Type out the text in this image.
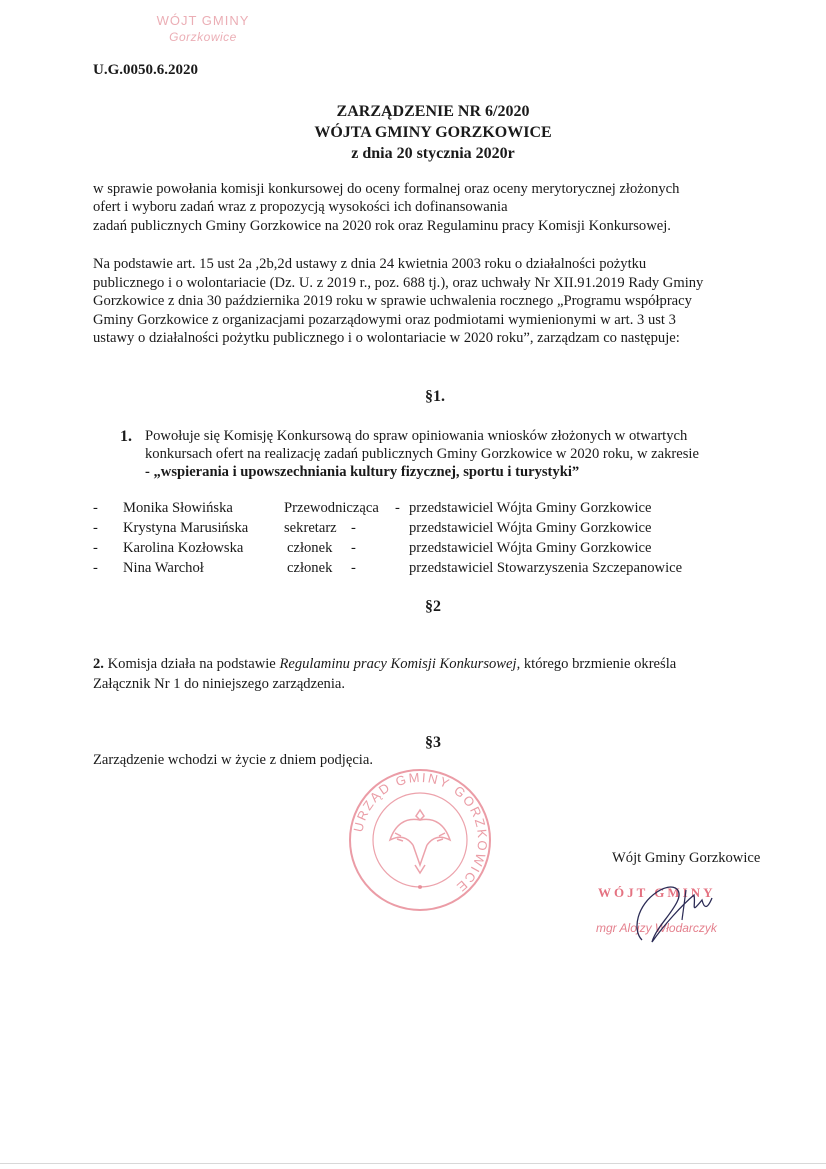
WÓJT GMINY
Gorzkowice
U.G.0050.6.2020
ZARZĄDZENIE NR 6/2020
WÓJTA GMINY GORZKOWICE
z dnia 20 stycznia 2020r
w sprawie powołania komisji konkursowej do oceny formalnej oraz oceny merytorycznej złożonych
ofert i wyboru zadań wraz z propozycją wysokości ich dofinansowania
zadań publicznych Gminy Gorzkowice na 2020 rok oraz Regulaminu pracy Komisji Konkursowej.
Na podstawie art. 15 ust 2a ,2b,2d ustawy z dnia 24 kwietnia 2003 roku o działalności pożytku
publicznego i o wolontariacie (Dz. U. z 2019 r., poz. 688 tj.), oraz uchwały Nr XII.91.2019 Rady Gminy
Gorzkowice z dnia 30 października 2019 roku w sprawie uchwalenia rocznego „Programu współpracy
Gminy Gorzkowice z organizacjami pozarządowymi oraz podmiotami wymienionymi w art. 3 ust 3
ustawy o działalności pożytku publicznego i o wolontariacie w 2020 roku”, zarządzam co następuje:
§1.
1. Powołuje się Komisję Konkursową do spraw opiniowania wniosków złożonych w otwartych
konkursach ofert na realizację zadań publicznych Gminy Gorzkowice w 2020 roku, w zakresie
- „wspierania i upowszechniania kultury fizycznej, sportu i turystyki”
- Monika Słowińska	Przewodnicząca - przedstawiciel Wójta Gminy Gorzkowice
- Krystyna Marusińska sekretarz -	przedstawiciel Wójta Gminy Gorzkowice
- Karolina Kozłowska	członek -	przedstawiciel Wójta Gminy Gorzkowice
- Nina Warchoł	członek -	przedstawiciel Stowarzyszenia Szczepanowice
§2
2. Komisja działa na podstawie Regulaminu pracy Komisji Konkursowej, którego brzmienie określa
Załącznik Nr 1 do niniejszego zarządzenia.
§3
Zarządzenie wchodzi w życie z dniem podjęcia.
URZĄD GMINY GORZKOWICE
Wójt Gminy Gorzkowice
WÓJT GMINY
mgr Alojzy Włodarczyk
